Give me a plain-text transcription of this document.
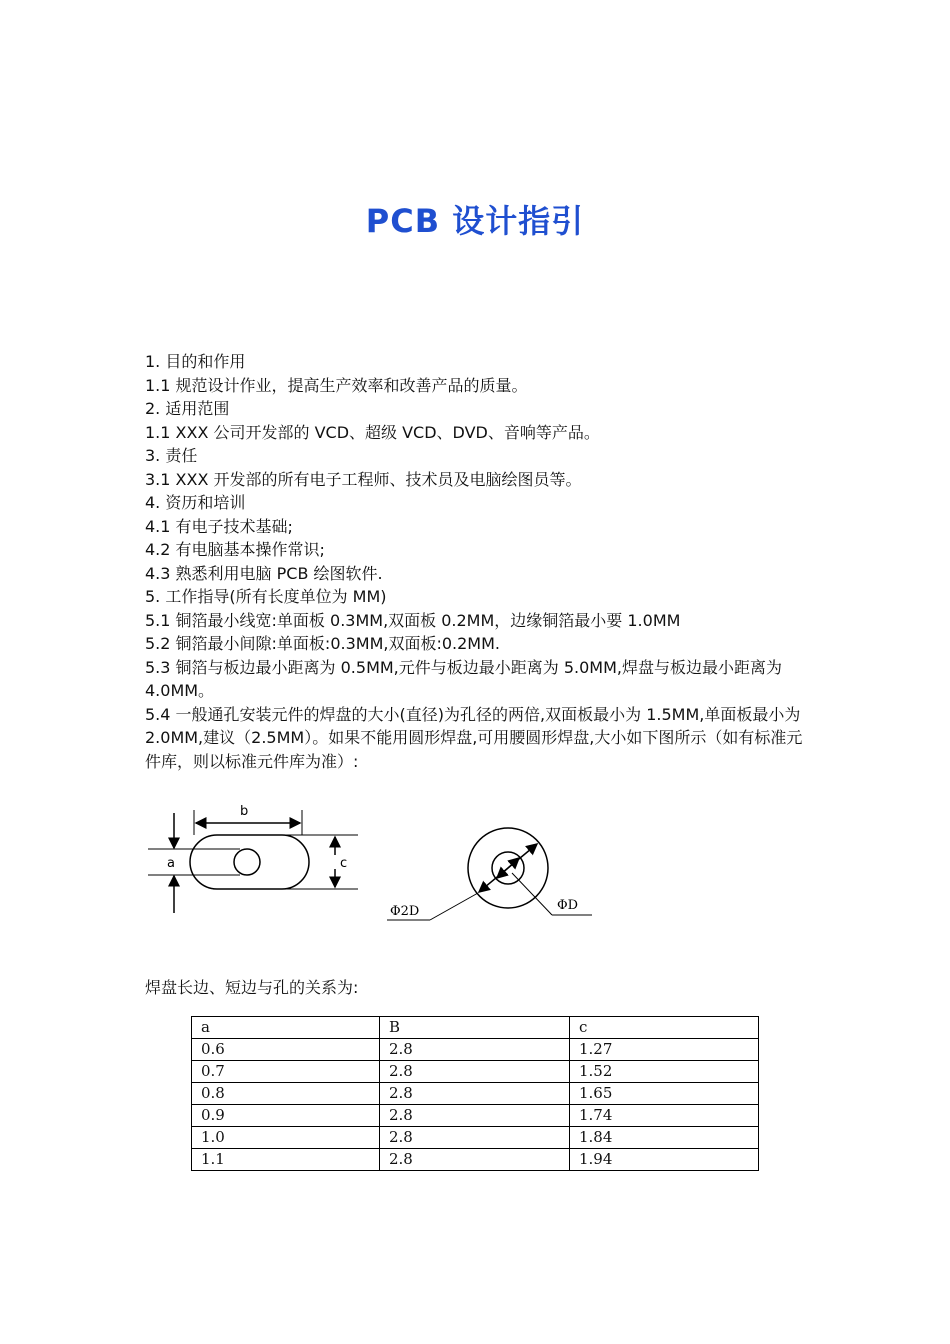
PCB 设计指引

1. 目的和作用

1.1 规范设计作业，提高生产效率和改善产品的质量。

2. 适用范围

1.1 XXX 公司开发部的 VCD、超级 VCD、DVD、音响等产品。

3. 责任

3.1 XXX 开发部的所有电子工程师、技术员及电脑绘图员等。

4. 资历和培训

4.1 有电子技术基础;

4.2 有电脑基本操作常识;

4.3 熟悉利用电脑 PCB 绘图软件.

5. 工作指导(所有长度单位为 MM)

5.1 铜箔最小线宽:单面板 0.3MM,双面板 0.2MM，边缘铜箔最小要 1.0MM

5.2 铜箔最小间隙:单面板:0.3MM,双面板:0.2MM.

5.3 铜箔与板边最小距离为 0.5MM,元件与板边最小距离为 5.0MM,焊盘与板边最小距离为 4.0MM。

5.4 一般通孔安装元件的焊盘的大小(直径)为孔径的两倍,双面板最小为 1.5MM,单面板最小为 2.0MM,建议（2.5MM）。如果不能用圆形焊盘,可用腰圆形焊盘,大小如下图所示（如有标准元件库，则以标准元件库为准）:

a
b
c
Φ2D	ΦD
焊盘长边、短边与孔的关系为:
a	B	c
0.6	2.8	1.27
0.7	2.8	1.52
0.8	2.8	1.65
0.9	2.8	1.74
1.0	2.8	1.84
1.1	2.8	1.94
